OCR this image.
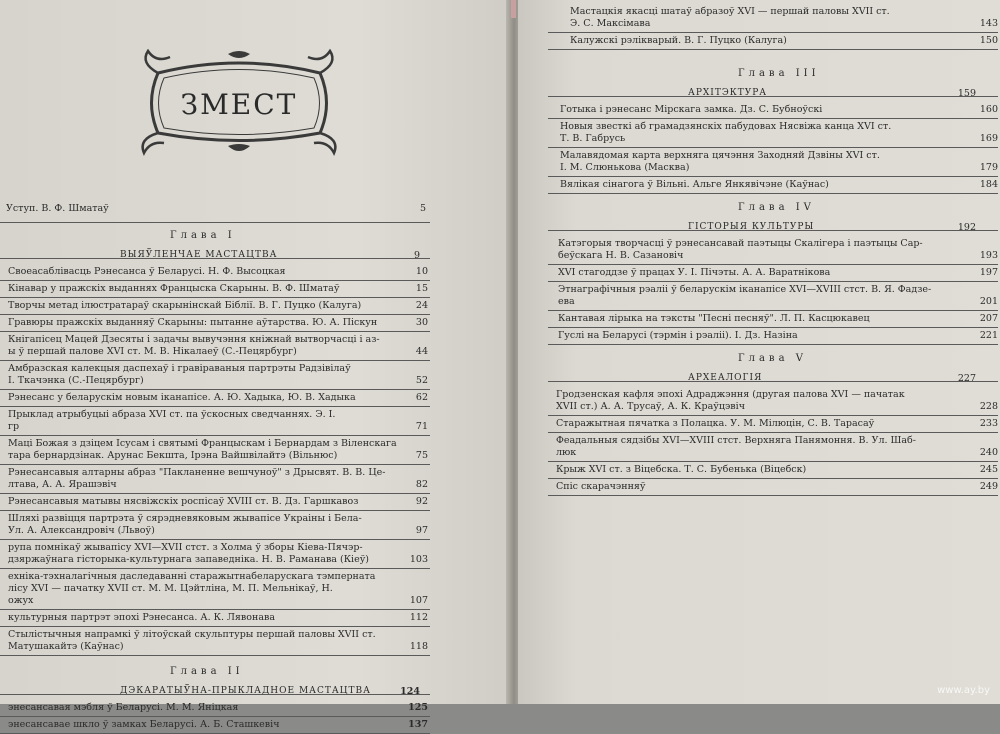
ЗМЕСТ
Уступ. В. Ф. Шматаў	5
Глава I
ВЫЯЎЛЕНЧАЕ МАСТАЦТВА	9
Своеасаблівасць Рэнесанса ў Беларусі. Н. Ф. Высоцкая	10
Кінавар у пражскіх выданнях Францыска Скарыны. В. Ф. Шматаў	15
Творчы метад ілюстратараў скарынінскай Біблії. В. Г. Пуцко (Калуга)	24
Гравюры пражскіх выданняў Скарыны: пытанне аўтарства. Ю. А. Піскун	30
Кнігапісец Мацей Дзесяты і задачы вывучэння кніжнай вытворчасці і аз-
ы ў першай палове XVI ст. М. В. Нікалаеў (С.-Пецярбург)	44
Амбразская калекцыя даспехаў і гравіраваныя партрэты Радзівілаў
І. Ткачэнка (С.-Пецярбург)	52
Рэнесанс у беларускім новым іканапісе. А. Ю. Хадыка, Ю. В. Хадыка	62
Прыклад атрыбуцыі абраза XVI ст. па ўскосных сведчаннях. Э. І.
гр	71
Маці Божая з дзіцем Ісусам і святымі Францыскам і Бернардам з Віленскага
тара бернардзінак. Арунас Бекшта, Ірэна Вайшвілайтэ (Вільнюс)	75
Рэнесансавыя алтарны абраз "Пакланенне вешчуноў" з Дрысвят. В. В. Це-
лтава, А. А. Ярашэвіч	82
Рэнесансавыя матывы нясвіжскіх роспісаў XVIII ст. В. Дз. Гаршкавоз	92
Шляхі развіцця партрэта ў сярэдневяковым жывапісе Украіны і Бела-
Ул. А. Александровіч (Львоў)	97
рупа помнікаў жывапісу XVI—XVII стст. з Холма ў зборы Кіева-Пячэр-
дзяржаўнага гісторыка-культурнага запаведніка. Н. В. Раманава (Кіеў)	103
ехніка-тэхналагічныя даследаванні старажытнабеларускага тэмперната
лісу XVI — пачатку XVII ст. М. М. Цэйтліна, М. П. Мельнікаў, Н.
ожух	107
культурныя партрэт эпохі Рэнесанса. А. К. Лявонава	112
Стылістычныя напрамкі ў літоўскай скульптуры першай паловы XVII ст.
Матушакайтэ (Каўнас)	118
Глава II
ДЭКАРАТЫЎНА-ПРЫКЛАДНОЕ МАСТАЦТВА	124
энесансавая мэбля ў Беларусі. М. М. Яніцкая	125
энесансавае шкло ў замках Беларусі. А. Б. Сташкевіч	137
Мастацкія якасці шатаў абразоў XVI — першай паловы XVII ст.
Э. С. Максімава	143
Калужскі рэлікварый. В. Г. Пуцко (Калуга)	150
Глава III
АРХІТЭКТУРА	159
Готыка і рэнесанс Мірскага замка. Дз. С. Бубноўскі	160
Новыя звесткі аб грамадзянскіх пабудовах Нясвіжа канца XVI ст.
Т. В. Габрусь	169
Малавядомая карта верхняга цячэння Заходняй Дзвіны XVI ст.
І. М. Слюнькова (Масква)	179
Вялікая сінагога ў Вільні. Альге Янкявічэне (Каўнас)	184
Глава IV
ГІСТОРЫЯ КУЛЬТУРЫ	192
Катэгорыя творчасці ў рэнесансавай паэтыцы Скалігера і паэтыцы Сар-
беўскага Н. В. Сазановіч	193
XVI стагоддзе ў працах У. І. Пічэты. А. А. Варатнікова	197
Этнаграфічныя рэаліі ў беларускім іканапісе XVI—XVIII стст. В. Я. Фадзе-
ева	201
Кантавая лірыка на тэксты "Песні песняў". Л. П. Касцюкавец	207
Гуслі на Беларусі (тэрмін і рэаліі). І. Дз. Назіна	221
Глава V
АРХЕАЛОГІЯ	227
Гродзенская кафля эпохі Адраджэння (другая палова XVI — пачатак
XVII ст.) А. А. Трусаў, А. К. Краўцэвіч	228
Старажытная пячатка з Полацка. У. М. Мілюцін, С. В. Тарасаў	233
Феадальныя сядзібы XVI—XVIII стст. Верхняга Панямоння. В. Ул. Шаб-
люк	240
Крыж XVI ст. з Віцебска. Т. С. Бубенька (Віцебск)	245
Спіс скарачэнняў	249
www.ay.by
